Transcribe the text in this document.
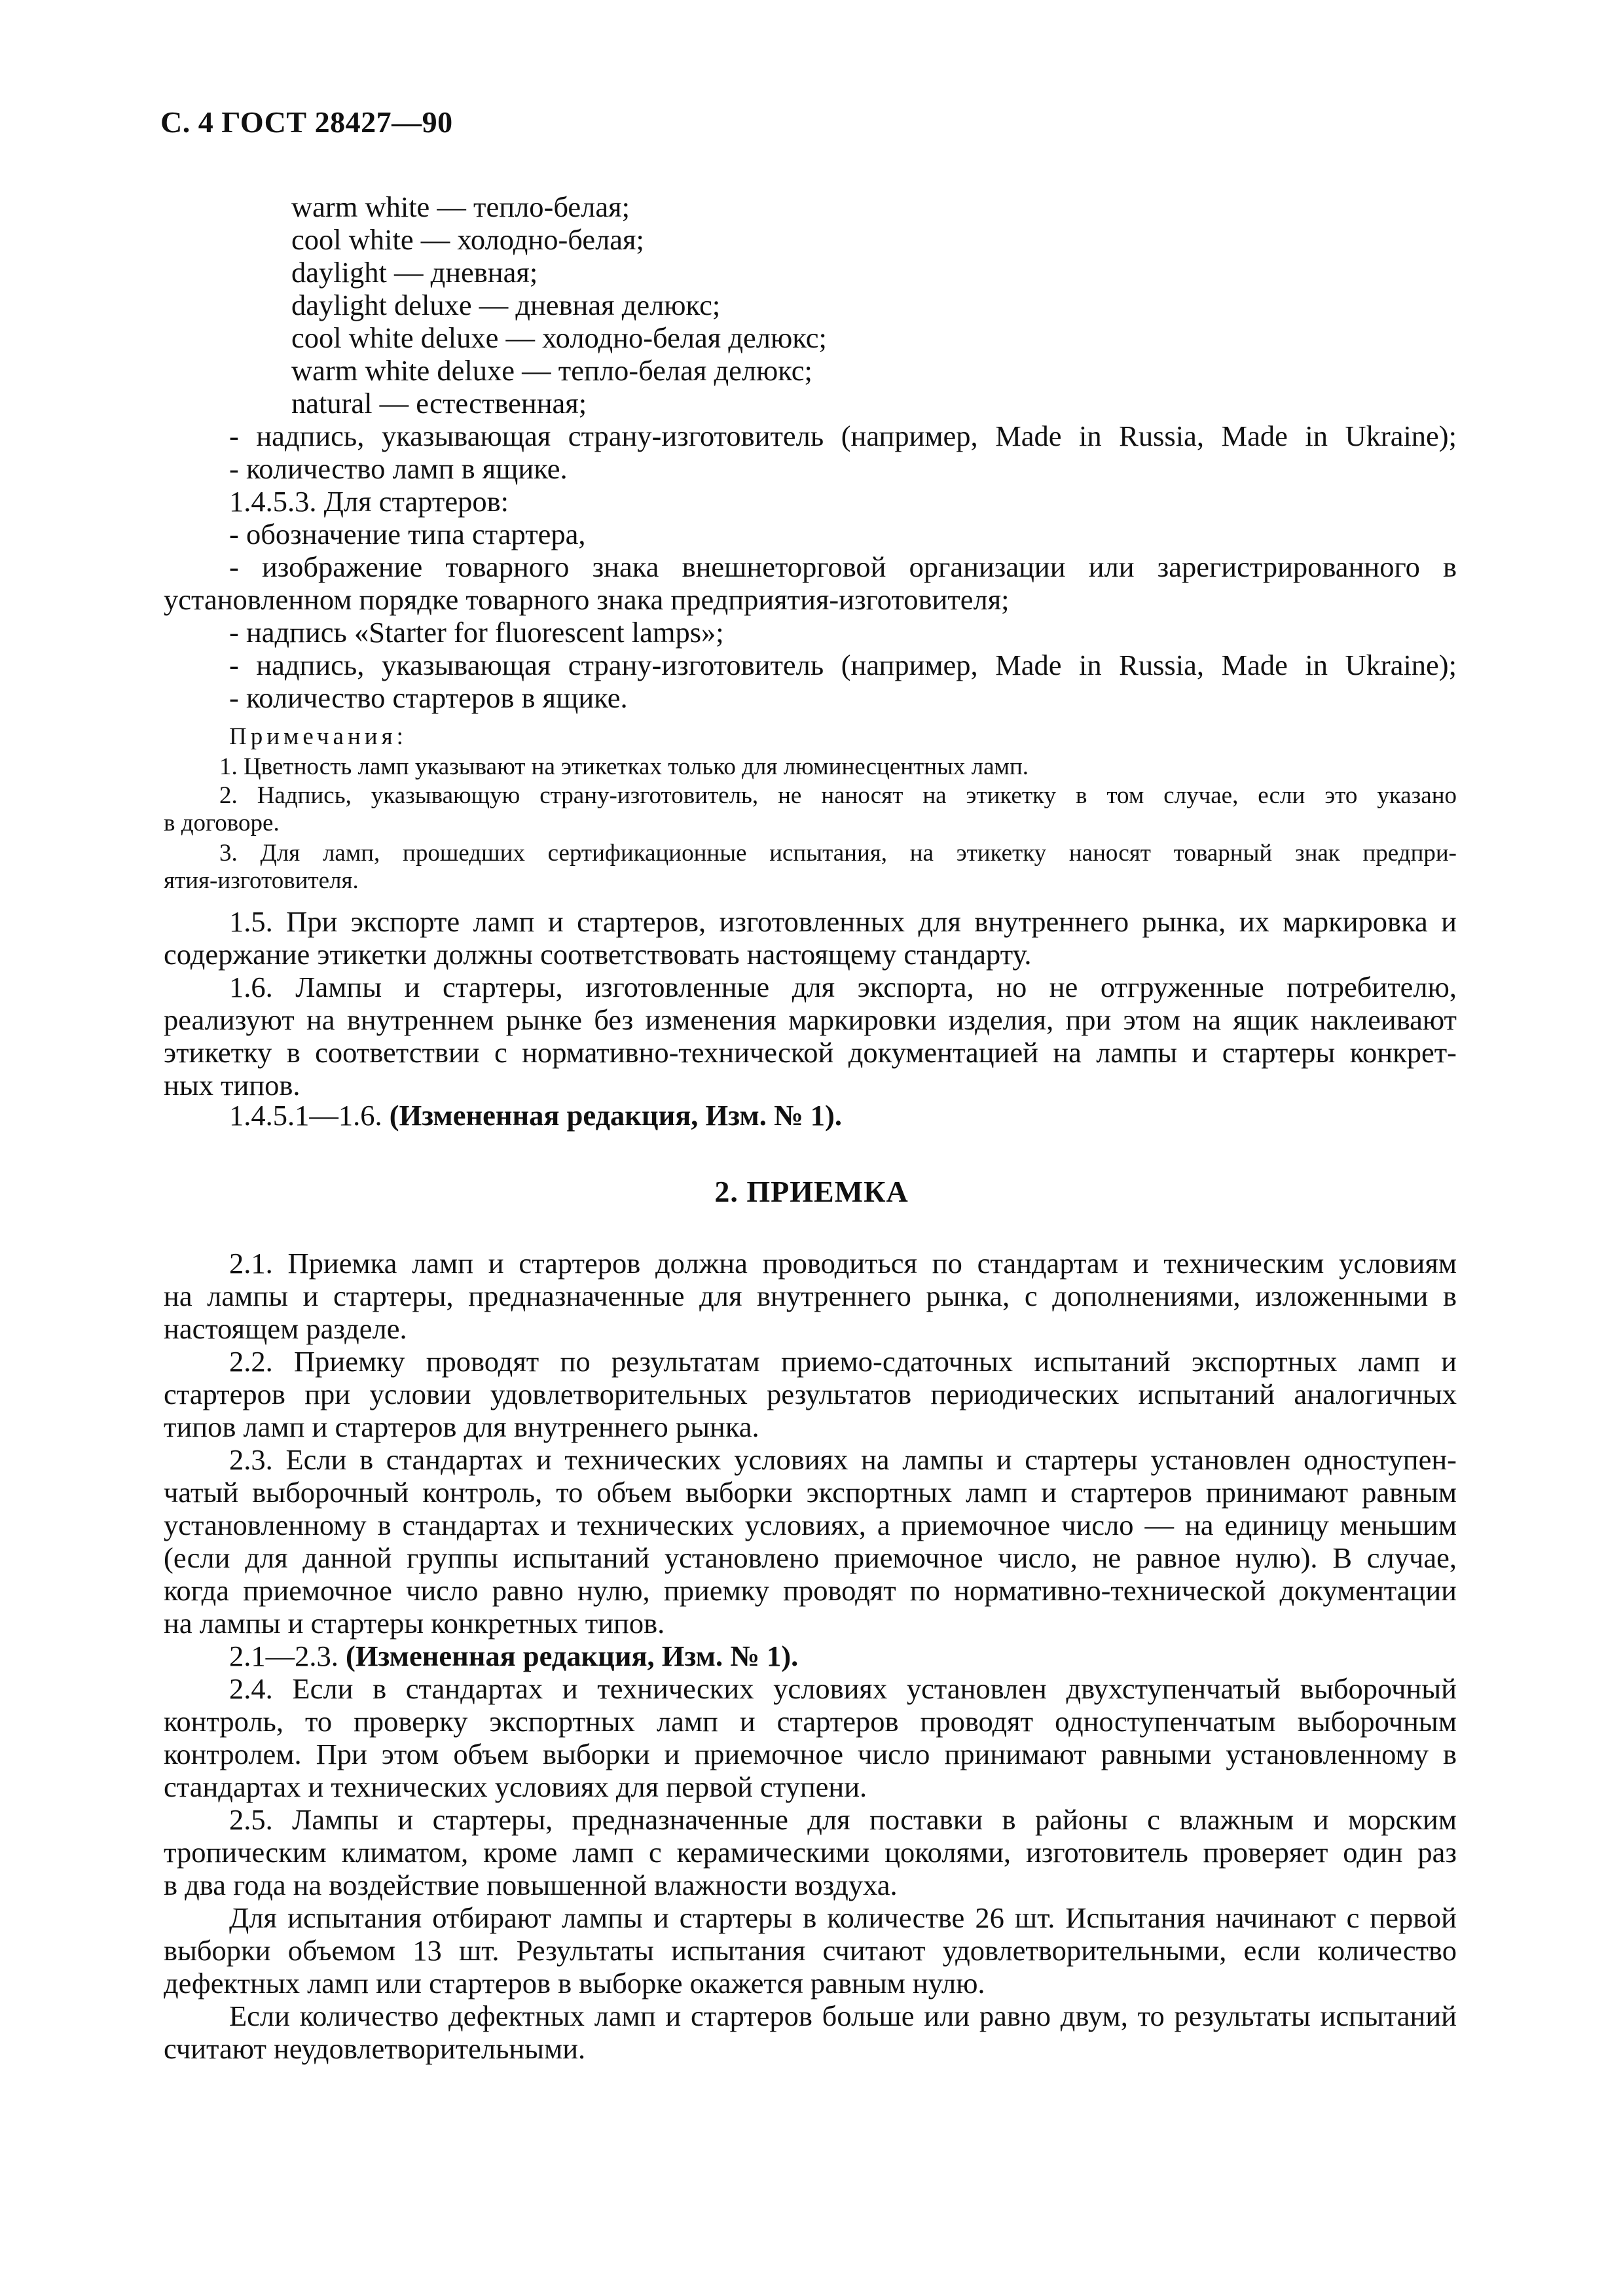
С. 4 ГОСТ 28427—90
warm white — тепло-белая;
cool white — холодно-белая;
daylight — дневная;
daylight deluxe — дневная делюкс;
cool white deluxe — холодно-белая делюкс;
warm white deluxe — тепло-белая делюкс;
natural — естественная;
- надпись, указывающая страну-изготовитель (например, Made in Russia, Made in Ukraine);
- количество ламп в ящике.
1.4.5.3. Для стартеров:
- обозначение типа стартера,
- изображение товарного знака внешнеторговой организации или зарегистрированного в
установленном порядке товарного знака предприятия-изготовителя;
- надпись «Starter for fluorescent lamps»;
- надпись, указывающая страну-изготовитель (например, Made in Russia, Made in Ukraine);
- количество стартеров в ящике.
Примечания:
1. Цветность ламп указывают на этикетках только для люминесцентных ламп.
2. Надпись, указывающую страну-изготовитель, не наносят на этикетку в том случае, если это указано
в договоре.
3. Для ламп, прошедших сертификационные испытания, на этикетку наносят товарный знак предпри-
ятия-изготовителя.
1.5. При экспорте ламп и стартеров, изготовленных для внутреннего рынка, их маркировка и
содержание этикетки должны соответствовать настоящему стандарту.
1.6. Лампы и стартеры, изготовленные для экспорта, но не отгруженные потребителю,
реализуют на внутреннем рынке без изменения маркировки изделия, при этом на ящик наклеивают
этикетку в соответствии с нормативно-технической документацией на лампы и стартеры конкрет-
ных типов.
1.4.5.1—1.6. (Измененная редакция, Изм. № 1).
2. ПРИЕМКА
2.1. Приемка ламп и стартеров должна проводиться по стандартам и техническим условиям
на лампы и стартеры, предназначенные для внутреннего рынка, с дополнениями, изложенными в
настоящем разделе.
2.2. Приемку проводят по результатам приемо-сдаточных испытаний экспортных ламп и
стартеров при условии удовлетворительных результатов периодических испытаний аналогичных
типов ламп и стартеров для внутреннего рынка.
2.3. Если в стандартах и технических условиях на лампы и стартеры установлен одноступен-
чатый выборочный контроль, то объем выборки экспортных ламп и стартеров принимают равным
установленному в стандартах и технических условиях, а приемочное число — на единицу меньшим
(если для данной группы испытаний установлено приемочное число, не равное нулю). В случае,
когда приемочное число равно нулю, приемку проводят по нормативно-технической документации
на лампы и стартеры конкретных типов.
2.1—2.3. (Измененная редакция, Изм. № 1).
2.4. Если в стандартах и технических условиях установлен двухступенчатый выборочный
контроль, то проверку экспортных ламп и стартеров проводят одноступенчатым выборочным
контролем. При этом объем выборки и приемочное число принимают равными установленному в
стандартах и технических условиях для первой ступени.
2.5. Лампы и стартеры, предназначенные для поставки в районы с влажным и морским
тропическим климатом, кроме ламп с керамическими цоколями, изготовитель проверяет один раз
в два года на воздействие повышенной влажности воздуха.
Для испытания отбирают лампы и стартеры в количестве 26 шт. Испытания начинают с первой
выборки объемом 13 шт. Результаты испытания считают удовлетворительными, если количество
дефектных ламп или стартеров в выборке окажется равным нулю.
Если количество дефектных ламп и стартеров больше или равно двум, то результаты испытаний
считают неудовлетворительными.
